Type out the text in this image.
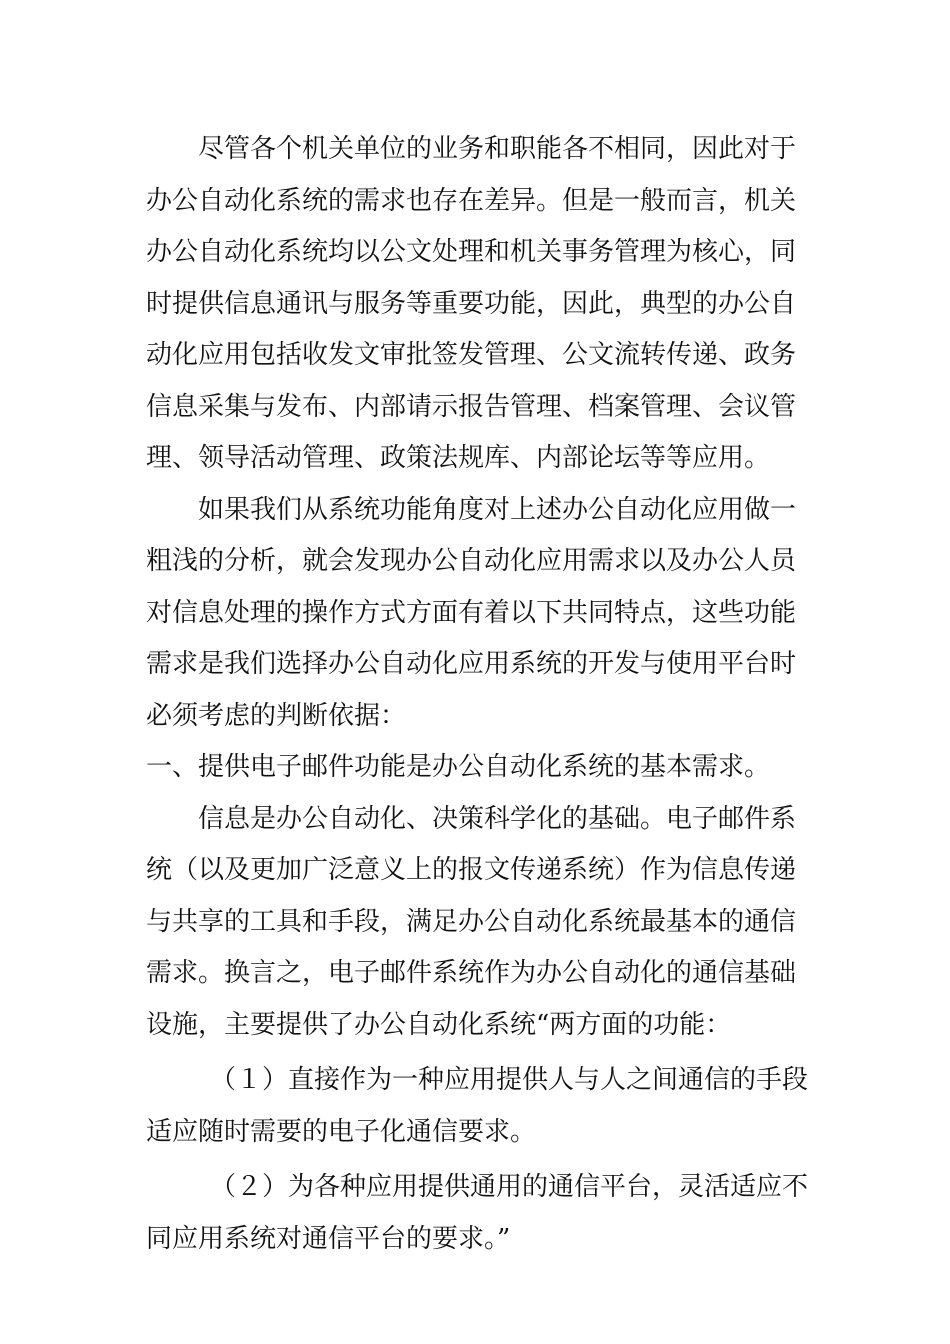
尽管各个机关单位的业务和职能各不相同，因此对于
办公自动化系统的需求也存在差异。但是一般而言，机关
办公自动化系统均以公文处理和机关事务管理为核心，同
时提供信息通讯与服务等重要功能，因此，典型的办公自
动化应用包括收发文审批签发管理、公文流转传递、政务
信息采集与发布、内部请示报告管理、档案管理、会议管
理、领导活动管理、政策法规库、内部论坛等等应用。
如果我们从系统功能角度对上述办公自动化应用做一
粗浅的分析，就会发现办公自动化应用需求以及办公人员
对信息处理的操作方式方面有着以下共同特点，这些功能
需求是我们选择办公自动化应用系统的开发与使用平台时
必须考虑的判断依据：
一、提供电子邮件功能是办公自动化系统的基本需求。
信息是办公自动化、决策科学化的基础。电子邮件系
统（以及更加广泛意义上的报文传递系统）作为信息传递
与共享的工具和手段，满足办公自动化系统最基本的通信
需求。换言之，电子邮件系统作为办公自动化的通信基础
设施，主要提供了办公自动化系统“两方面的功能：
（１）直接作为一种应用提供人与人之间通信的手段
适应随时需要的电子化通信要求。
（２）为各种应用提供通用的通信平台，灵活适应不
同应用系统对通信平台的要求。”
